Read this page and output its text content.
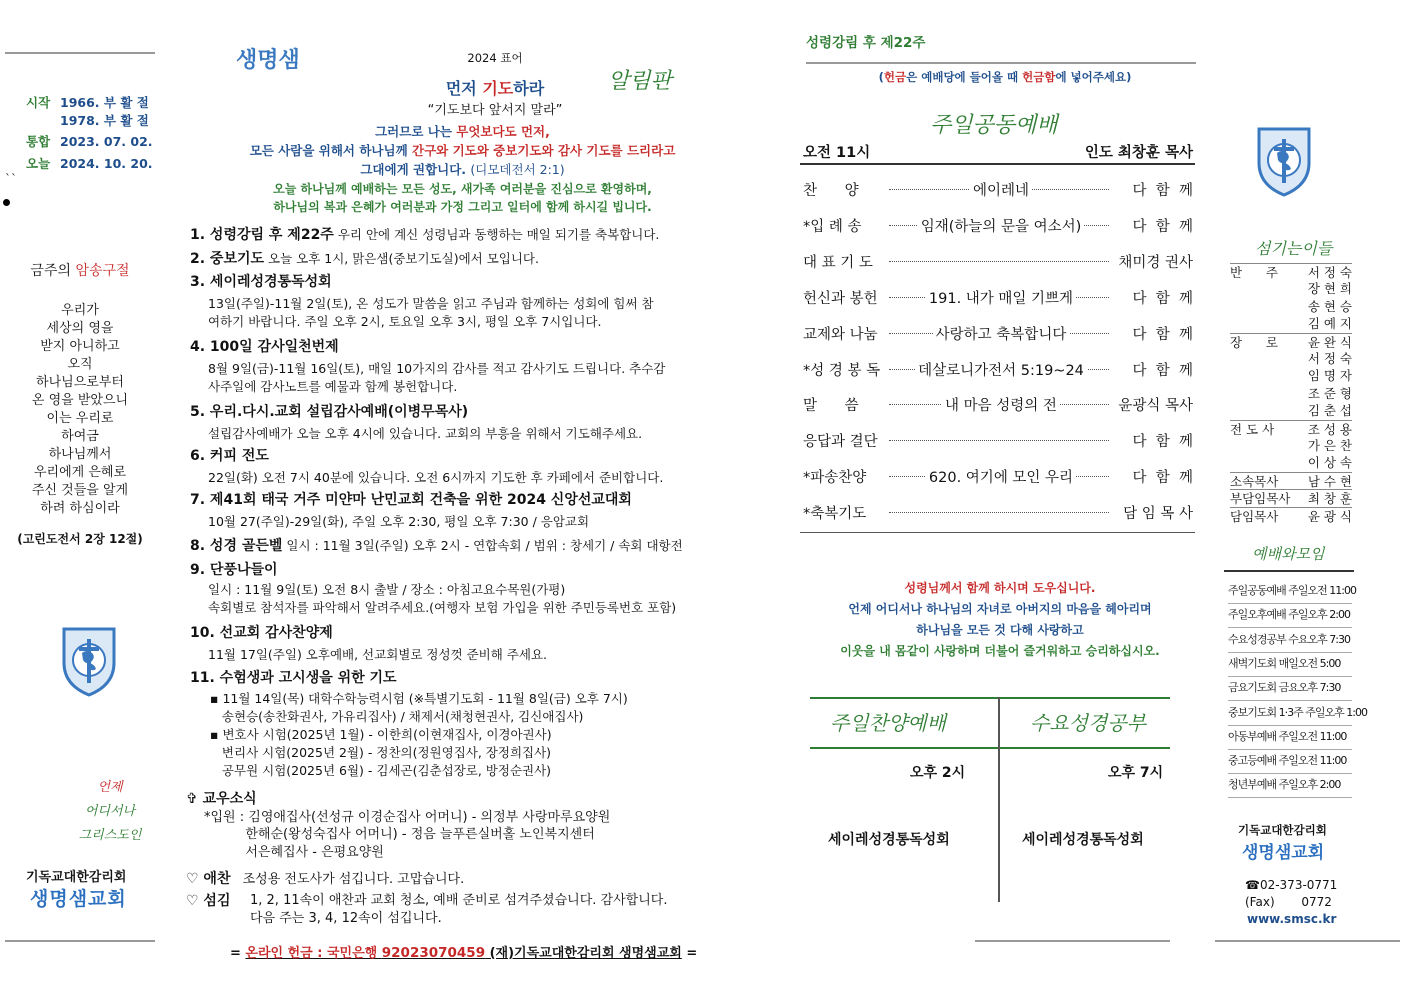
시작 1966. 부 활 절
1978. 부 활 절
통합 2023. 07. 02.
오늘 2024. 10. 20.
``
금주의 암송구절
우리가
세상의 영을
받지 아니하고
오직
하나님으로부터
온 영을 받았으니
이는 우리로
하여금
하나님께서
우리에게 은혜로
주신 것들을 알게
하려 하심이라
(고린도전서 2장 12절)
언제
어디서나
그리스도인
기독교대한감리회
생명샘교회
생명샘	2024 표어
먼저 기도하라
“기도보다 앞서지 말라”
알림판
그러므로 나는 무엇보다도 먼저,
모든 사람을 위해서 하나님께 간구와 기도와 중보기도와 감사 기도를 드리라고
그대에게 권합니다. (디모데전서 2:1)
오늘 하나님께 예배하는 모든 성도, 새가족 여러분을 진심으로 환영하며,
하나님의 복과 은혜가 여러분과 가정 그리고 일터에 함께 하시길 빕니다.
1. 성령강림 후 제22주 우리 안에 계신 성령님과 동행하는 매일 되기를 축복합니다.
2. 중보기도 오늘 오후 1시, 맑은샘(중보기도실)에서 모입니다.
3. 세이레성경통독성회
13일(주일)-11월 2일(토), 온 성도가 말씀을 읽고 주님과 함께하는 성회에 힘써 참
여하기 바랍니다. 주일 오후 2시, 토요일 오후 3시, 평일 오후 7시입니다.
4. 100일 감사일천번제
8월 9일(금)-11월 16일(토), 매일 10가지의 감사를 적고 감사기도 드립니다. 추수감
사주일에 감사노트를 예물과 함께 봉헌합니다.
5. 우리.다시.교회 설립감사예배(이병무목사)
설립감사예배가 오늘 오후 4시에 있습니다. 교회의 부흥을 위해서 기도해주세요.
6. 커피 전도
22일(화) 오전 7시 40분에 있습니다. 오전 6시까지 기도한 후 카페에서 준비합니다.
7. 제41회 태국 거주 미얀마 난민교회 건축을 위한 2024 신앙선교대회
10월 27(주일)-29일(화), 주일 오후 2:30, 평일 오후 7:30 / 응암교회
8. 성경 골든벨 일시 : 11월 3일(주일) 오후 2시 - 연합속회 / 범위 : 창세기 / 속회 대항전
9. 단풍나들이
일시 : 11월 9일(토) 오전 8시 출발 / 장소 : 아침고요수목원(가평)
속회별로 참석자를 파악해서 알려주세요.(여행자 보험 가입을 위한 주민등록번호 포함)
10. 선교회 감사찬양제
11월 17일(주일) 오후예배, 선교회별로 정성껏 준비해 주세요.
11. 수험생과 고시생을 위한 기도
▪ 11월 14일(목) 대학수학능력시험 (※특별기도회 - 11월 8일(금) 오후 7시)
송현승(송찬화권사, 가유리집사) / 채제서(채청현권사, 김신애집사)
▪ 변호사 시험(2025년 1월) - 이한희(이현재집사, 이경아권사)
변리사 시험(2025년 2월) - 정찬의(정원영집사, 장정희집사)
공무원 시험(2025년 6월) - 김세곤(김춘섭장로, 방정순권사)
✞ 교우소식
*입원 : 김영애집사(선성규 이경순집사 어머니) - 의정부 사랑마루요양원
한해순(왕성숙집사 어머니) - 정음 늘푸른실버홀 노인복지센터
서은혜집사 - 은평요양원
♡ 애찬 조성용 전도사가 섬깁니다. 고맙습니다.
♡ 섬김 1, 2, 11속이 애찬과 교회 청소, 예배 준비로 섬겨주셨습니다. 감사합니다.
다음 주는 3, 4, 12속이 섬깁니다.
= 온라인 헌금 : 국민은행 92023070459 (재)기독교대한감리회 생명샘교회 =
성령강림 후 제22주
(헌금은 예배당에 들어올 때 헌금함에 넣어주세요)
주일공동예배
오전 11시	인도 최창훈 목사
찬      양	에이레네	다  함  께
*입 례 송	임재(하늘의 문을 여소서)	다  함  께
대 표 기 도	채미경 권사
헌신과 봉헌	191. 내가 매일 기쁘게	다  함  께
교제와 나눔	사랑하고 축복합니다	다  함  께
*성 경 봉 독	데살로니가전서 5:19~24	다  함  께
말      씀	내 마음 성령의 전	윤광식 목사
응답과 결단	다  함  께
*파송찬양	620. 여기에 모인 우리	다  함  께
*축복기도	담 임 목 사
성령님께서 함께 하시며 도우십니다.
언제 어디서나 하나님의 자녀로 아버지의 마음을 헤아리며
하나님을 모든 것 다해 사랑하고
이웃을 내 몸같이 사랑하며 더불어 즐거워하고 승리하십시오.
주일찬양예배	수요성경공부
오후 2시	오후 7시
세이레성경통독성회	세이레성경통독성회
섬기는이들
반      주 서 정 숙
장 현 희
송 현 승
김 예 지
장      로 윤 완 식
서 정 숙
임 명 자
조 준 형
김 춘 섭
전 도 사	조 성 용
가 은 찬
이 상 속
소속목사 남 수 현
부담임목사 최 창 훈
담임목사 윤 광 식
예배와모임
주일공동예배 주일오전 11:00
주일오후예배 주일오후 2:00
수요성경공부 수요오후 7:30
새벽기도회 매일오전 5:00
금요기도회 금요오후 7:30
중보기도회 1·3주 주일오후 1:00
아동부예배 주일오전 11:00
중고등예배 주일오전 11:00
청년부예배 주일오후 2:00
기독교대한감리회
생명샘교회
☎02-373-0771
(Fax)       0772
www.smsc.kr
